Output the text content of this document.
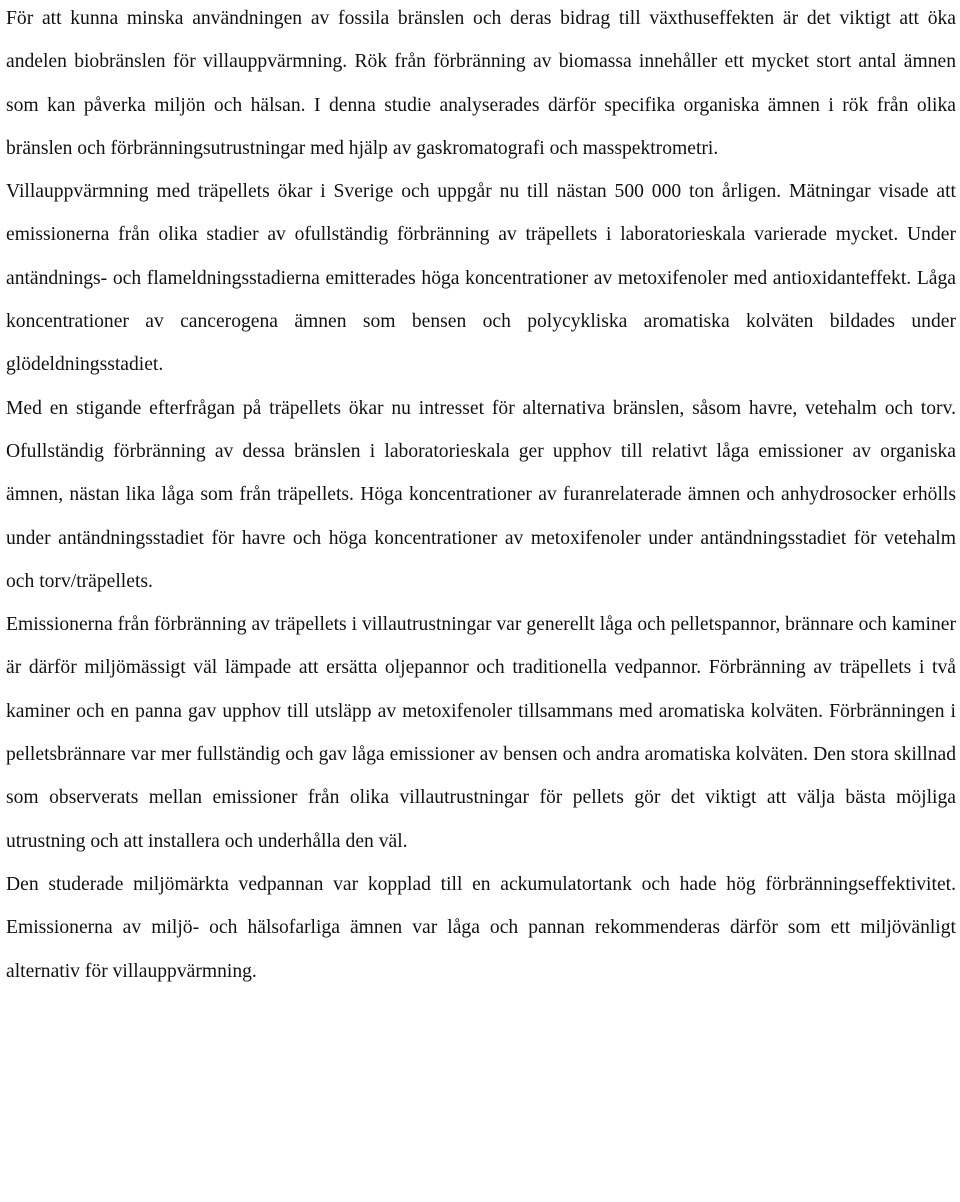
För att kunna minska användningen av fossila bränslen och deras bidrag till växthuseffekten är det viktigt att öka andelen biobränslen för villauppvärmning. Rök från förbränning av biomassa innehåller ett mycket stort antal ämnen som kan påverka miljön och hälsan. I denna studie analyserades därför specifika organiska ämnen i rök från olika bränslen och förbränningsutrustningar med hjälp av gaskromatografi och masspektrometri.

Villauppvärmning med träpellets ökar i Sverige och uppgår nu till nästan 500 000 ton årligen. Mätningar visade att emissionerna från olika stadier av ofullständig förbränning av träpellets i laboratorieskala varierade mycket. Under antändnings- och flameldningsstadierna emitterades höga koncentrationer av metoxifenoler med antioxidanteffekt. Låga koncentrationer av cancerogena ämnen som bensen och polycykliska aromatiska kolväten bildades under glödeldningsstadiet.

Med en stigande efterfrågan på träpellets ökar nu intresset för alternativa bränslen, såsom havre, vetehalm och torv. Ofullständig förbränning av dessa bränslen i laboratorieskala ger upphov till relativt låga emissioner av organiska ämnen, nästan lika låga som från träpellets. Höga koncentrationer av furanrelaterade ämnen och anhydrosocker erhölls under antändningsstadiet för havre och höga koncentrationer av metoxifenoler under antändningsstadiet för vetehalm och torv/träpellets.

Emissionerna från förbränning av träpellets i villautrustningar var generellt låga och pelletspannor, brännare och kaminer är därför miljömässigt väl lämpade att ersätta oljepannor och traditionella vedpannor. Förbränning av träpellets i två kaminer och en panna gav upphov till utsläpp av metoxifenoler tillsammans med aromatiska kolväten. Förbränningen i pelletsbrännare var mer fullständig och gav låga emissioner av bensen och andra aromatiska kolväten. Den stora skillnad som observerats mellan emissioner från olika villautrustningar för pellets gör det viktigt att välja bästa möjliga utrustning och att installera och underhålla den väl.

Den studerade miljömärkta vedpannan var kopplad till en ackumulatortank och hade hög förbränningseffektivitet. Emissionerna av miljö- och hälsofarliga ämnen var låga och pannan rekommenderas därför som ett miljövänligt alternativ för villauppvärmning.
